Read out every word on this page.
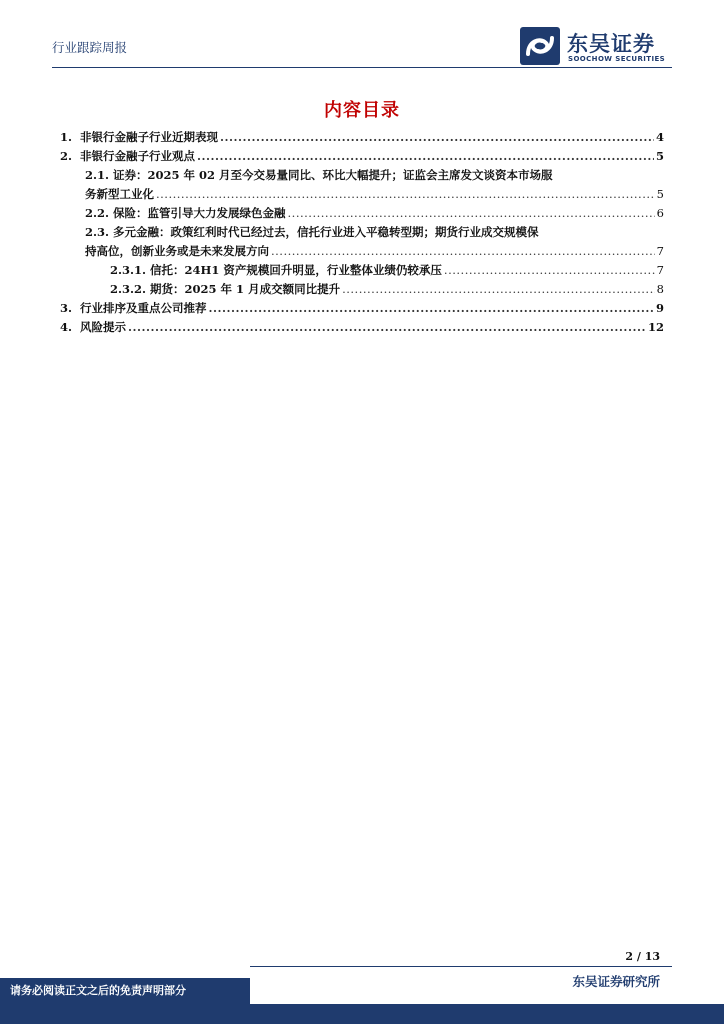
行业跟踪周报	东吴证券
SOOCHOW SECURITIES
内容目录
1. 非银行金融子行业近期表现 .....	4
2. 非银行金融子行业观点 .....	5
2.1. 证券：2025 年 02 月至今交易量同比、环比大幅提升；证监会主席发文谈资本市场服
务新型工业化 .....	5
2.2. 保险：监管引导大力发展绿色金融 .....	6
2.3. 多元金融：政策红利时代已经过去，信托行业进入平稳转型期；期货行业成交规模保
持高位，创新业务或是未来发展方向 .....	7
2.3.1. 信托：24H1 资产规模回升明显，行业整体业绩仍较承压 .....	7
2.3.2. 期货：2025 年 1 月成交额同比提升 .....	8
3. 行业排序及重点公司推荐 .....	9
4. 风险提示 .....	12
2 / 13
东吴证券研究所
请务必阅读正文之后的免责声明部分
